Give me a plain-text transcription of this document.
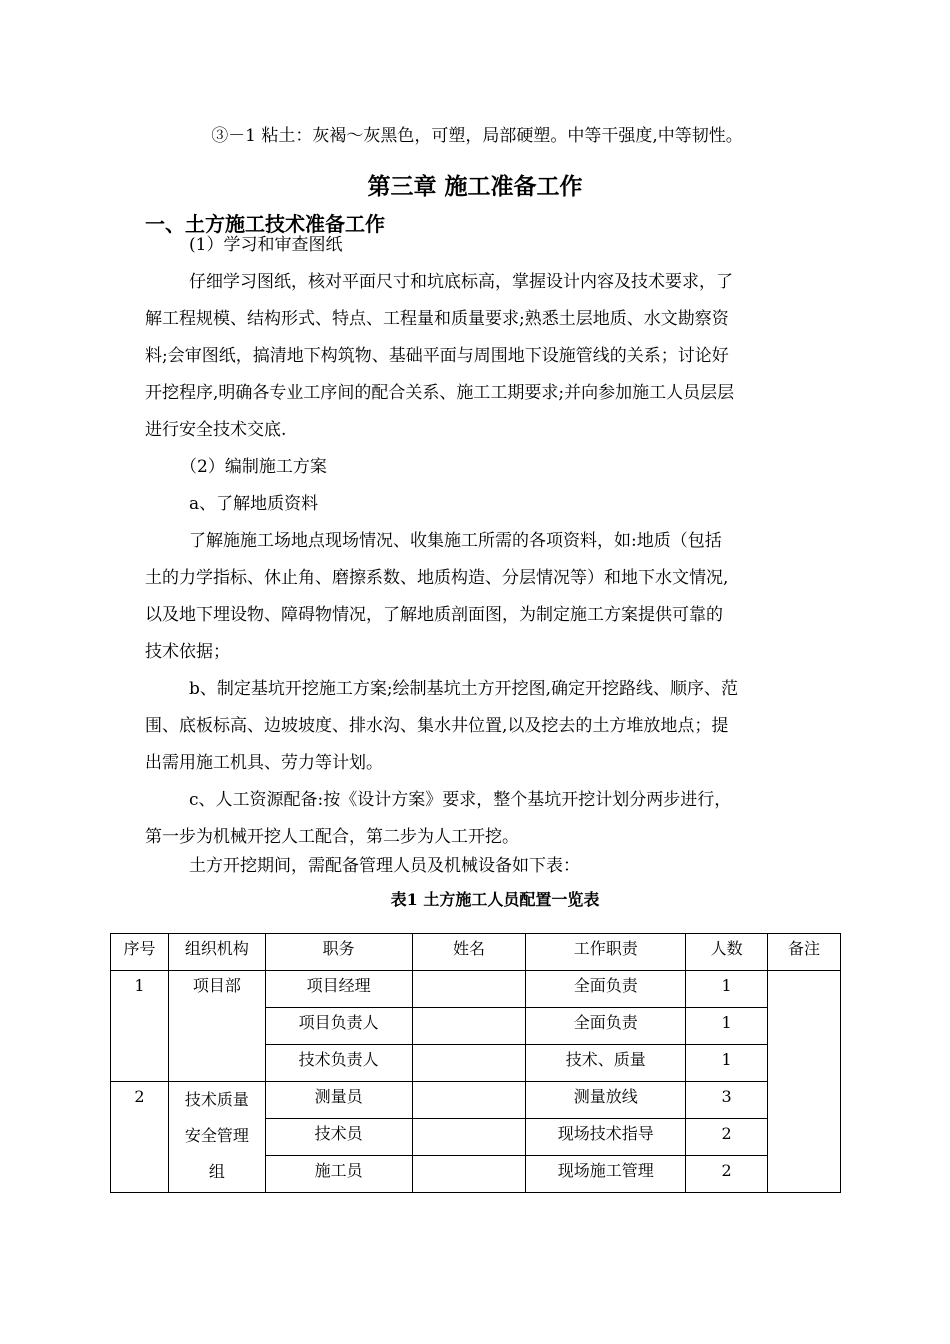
③－1 粘土：灰褐～灰黑色，可塑，局部硬塑。中等干强度,中等韧性。
第三章 施工准备工作
一、土方施工技术准备工作
(1）学习和审查图纸
仔细学习图纸，核对平面尺寸和坑底标高，掌握设计内容及技术要求，了
解工程规模、结构形式、特点、工程量和质量要求;熟悉土层地质、水文勘察资
料;会审图纸，搞清地下构筑物、基础平面与周围地下设施管线的关系；讨论好
开挖程序,明确各专业工序间的配合关系、施工工期要求;并向参加施工人员层层
进行安全技术交底.
（2）编制施工方案
a、了解地质资料
了解施施工场地点现场情况、收集施工所需的各项资料，如:地质（包括
土的力学指标、休止角、磨擦系数、地质构造、分层情况等）和地下水文情况,
以及地下埋设物、障碍物情况，了解地质剖面图，为制定施工方案提供可靠的
技术依据；
b、制定基坑开挖施工方案;绘制基坑土方开挖图,确定开挖路线、顺序、范
围、底板标高、边坡坡度、排水沟、集水井位置,以及挖去的土方堆放地点；提
出需用施工机具、劳力等计划。
c、人工资源配备:按《设计方案》要求，整个基坑开挖计划分两步进行，
第一步为机械开挖人工配合，第二步为人工开挖。
土方开挖期间，需配备管理人员及机械设备如下表：
表1 土方施工人员配置一览表
序号	组织机构	职务	姓名	工作职责	人数	备注
1	项目部	项目经理		全面负责	1	
		项目负责人		全面负责	1	
		技术负责人		技术、质量	1	
2	技术质量
安全管理
组	测量员		测量放线	3	
		技术员		现场技术指导	2	
		施工员		现场施工管理	2	
